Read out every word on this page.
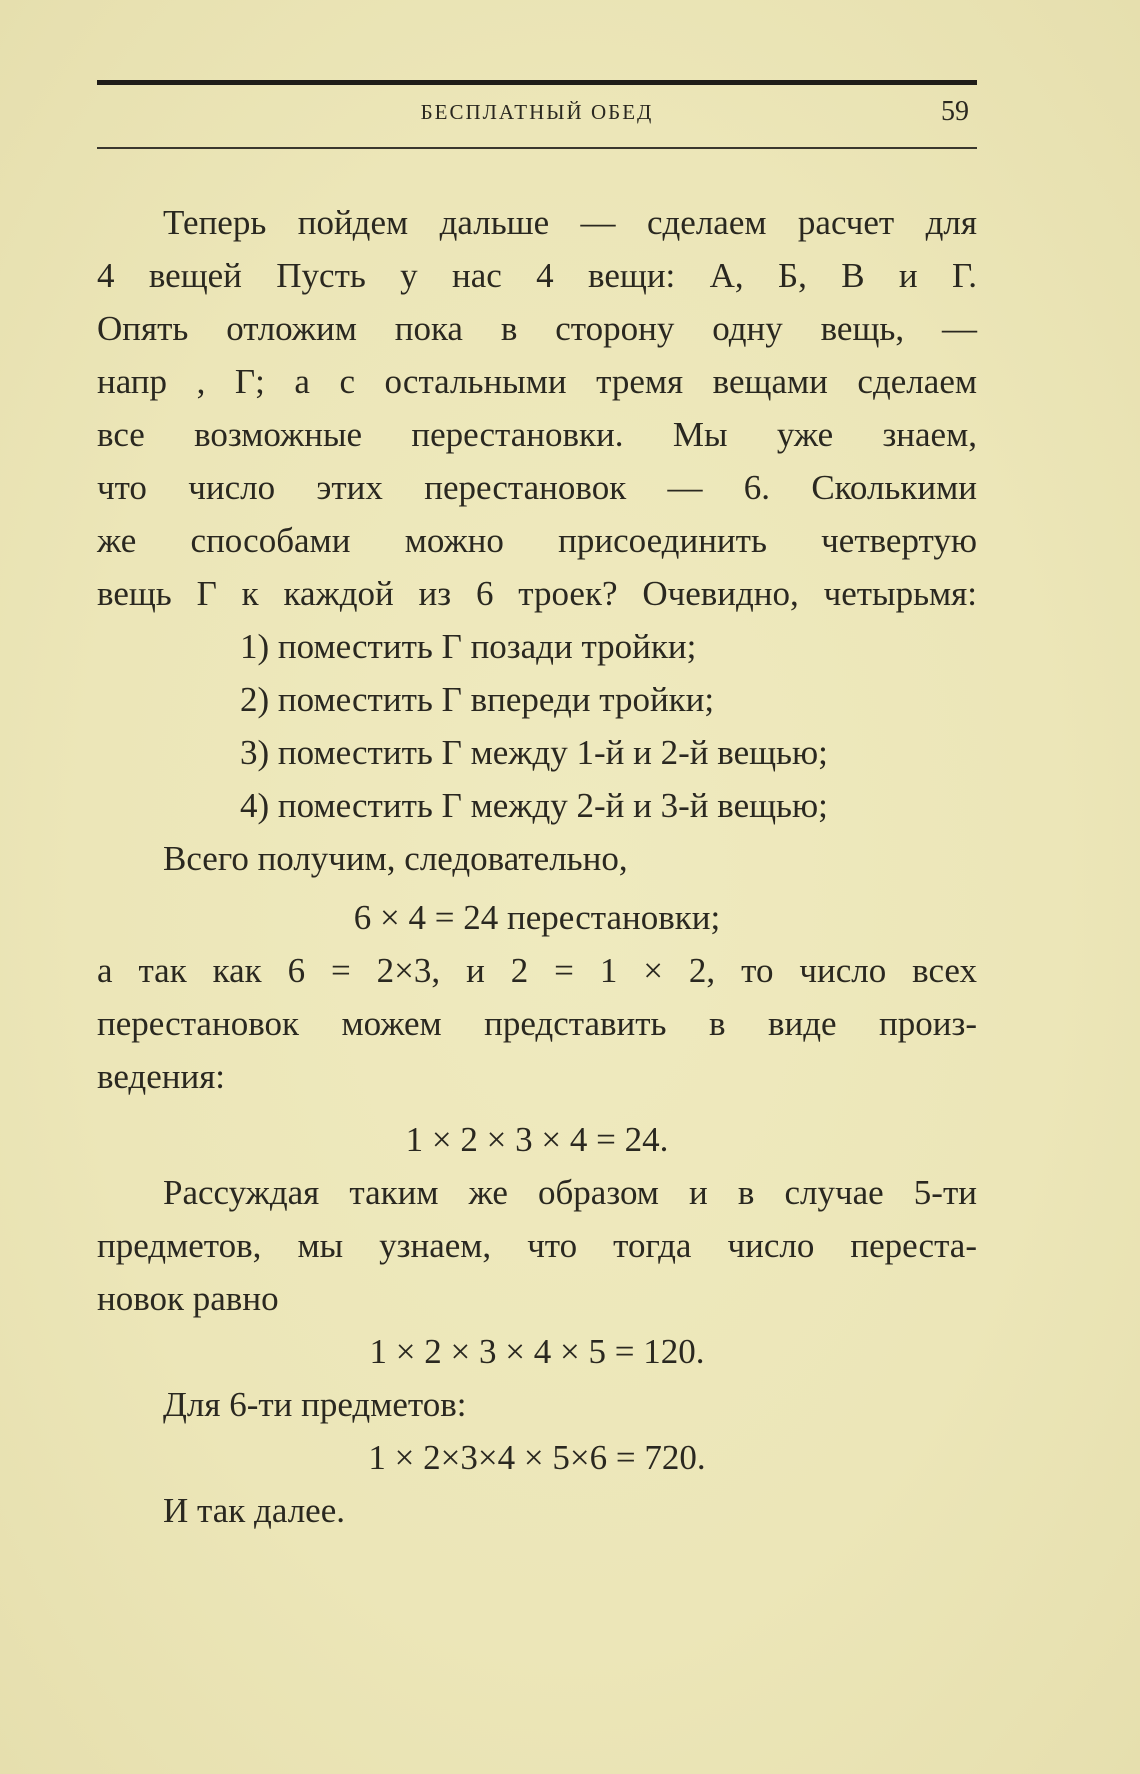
БЕСПЛАТНЫЙ ОБЕД	59
Теперь пойдем дальше — сделаем расчет для
4 вещей Пусть у нас 4 вещи: А, Б, В и Г.
Опять отложим пока в сторону одну вещь, —
напр , Г; а с остальными тремя вещами сделаем
все возможные перестановки. Мы уже знаем,
что число этих перестановок — 6. Сколькими
же способами можно присоединить четвертую
вещь Г к каждой из 6 троек? Очевидно, четырьмя:
1) поместить Г позади тройки;
2) поместить Г впереди тройки;
3) поместить Г между 1-й и 2-й вещью;
4) поместить Г между 2-й и 3-й вещью;
Всего получим, следовательно,
6 × 4 = 24 перестановки;
а так как 6 = 2×3, и 2 = 1 × 2, то число всех
перестановок можем представить в виде произ-
ведения:
1 × 2 × 3 × 4 = 24.
Рассуждая таким же образом и в случае 5-ти
предметов, мы узнаем, что тогда число переста-
новок равно
1 × 2 × 3 × 4 × 5 = 120.
Для 6-ти предметов:
1 × 2×3×4 × 5×6 = 720.
И так далее.
